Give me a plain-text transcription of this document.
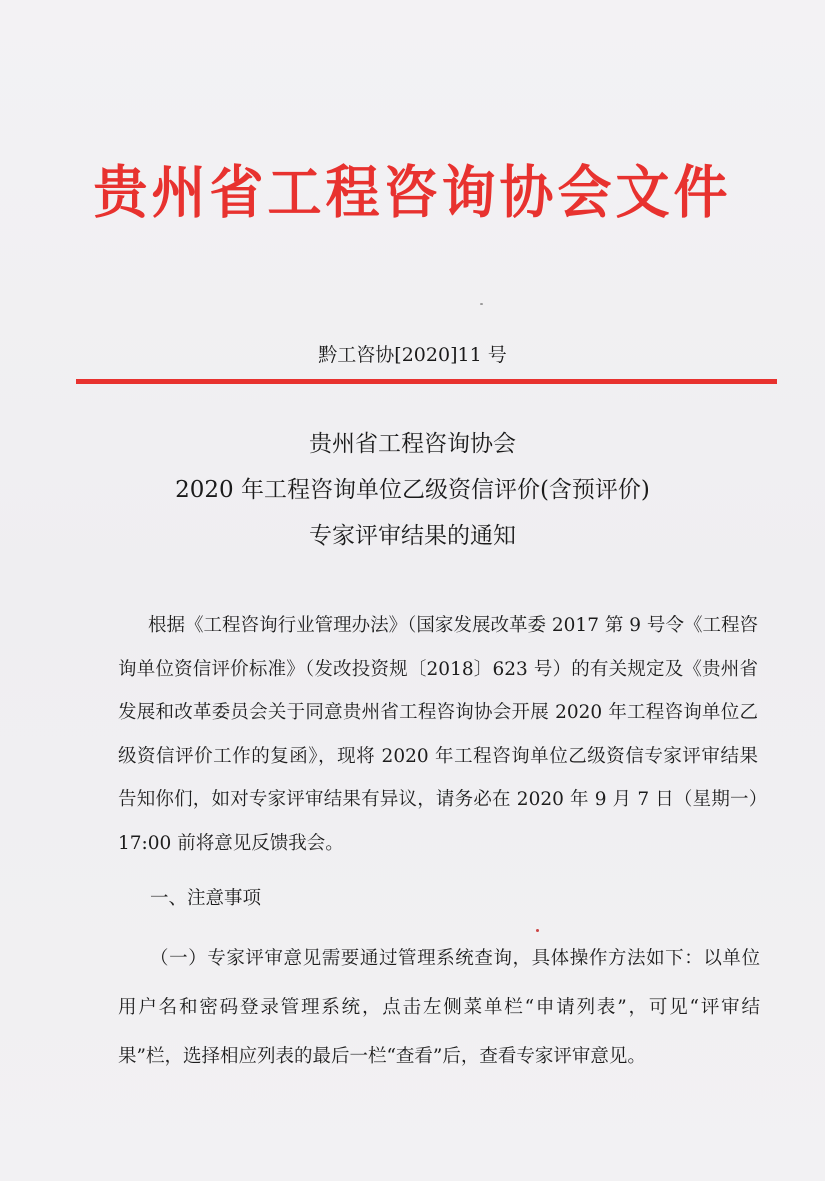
贵州省工程咨询协会文件
黔工咨协[2020]11 号
贵州省工程咨询协会
2020 年工程咨询单位乙级资信评价(含预评价)
专家评审结果的通知
根据《工程咨询行业管理办法》（国家发展改革委 2017 第 9 号令《工程咨询单位资信评价标准》（发改投资规〔2018〕623 号）的有关规定及《贵州省发展和改革委员会关于同意贵州省工程咨询协会开展 2020 年工程咨询单位乙级资信评价工作的复函》，现将 2020 年工程咨询单位乙级资信专家评审结果告知你们，如对专家评审结果有异议，请务必在 2020 年 9 月 7 日（星期一）17:00 前将意见反馈我会。
一、注意事项
（一）专家评审意见需要通过管理系统查询，具体操作方法如下：以单位用户名和密码登录管理系统，点击左侧菜单栏“申请列表”，可见“评审结果”栏，选择相应列表的最后一栏“查看”后，查看专家评审意见。
